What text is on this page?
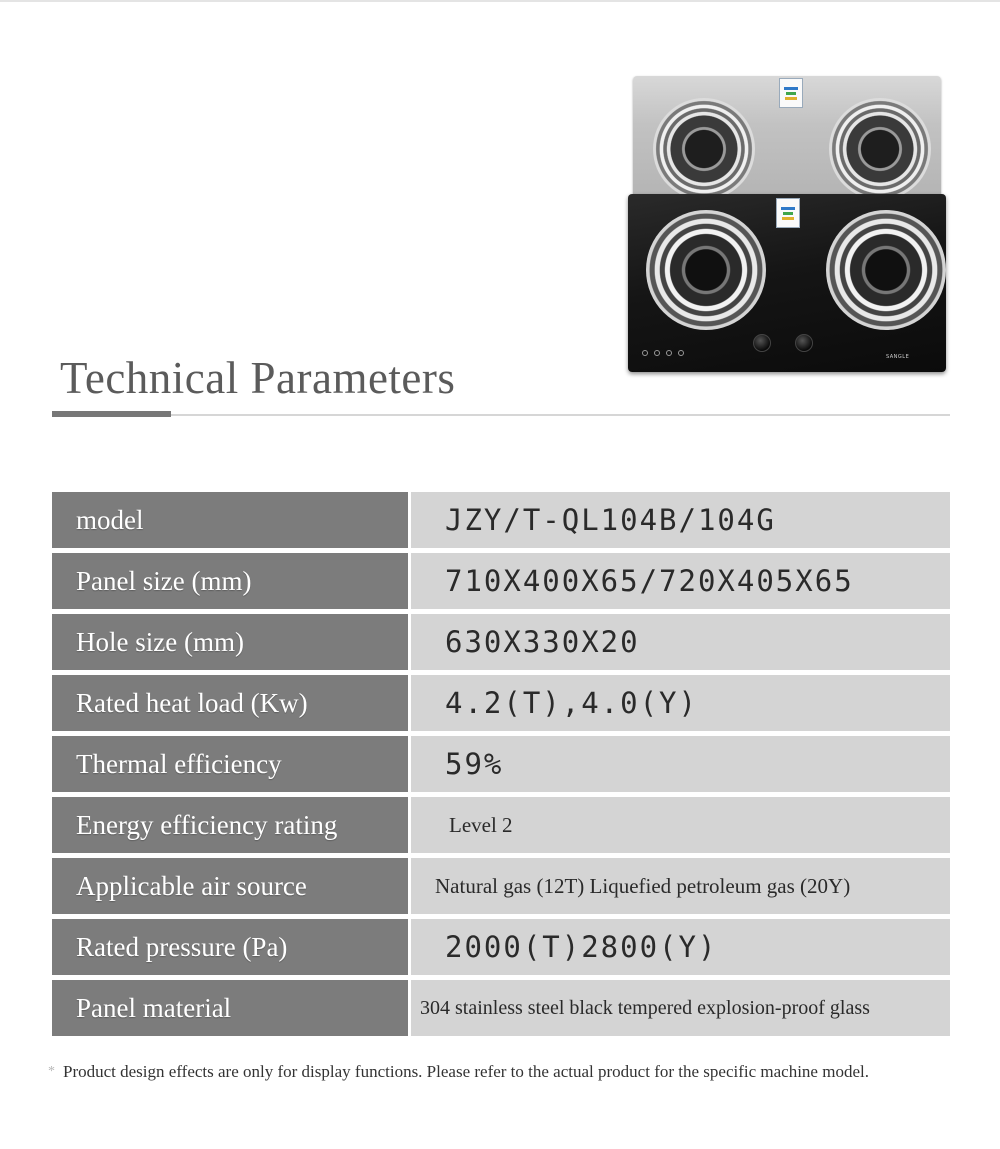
SANGLE
Technical Parameters
model	JZY/T-QL104B/104G
Panel size (mm)	710X400X65/720X405X65
Hole size (mm)	630X330X20
Rated heat load (Kw)	4.2(T),4.0(Y)
Thermal efficiency	59%
Energy efficiency rating	Level 2
Applicable air source	Natural gas (12T) Liquefied petroleum gas (20Y)
Rated pressure (Pa)	2000(T)2800(Y)
Panel material	304 stainless steel black tempered explosion-proof glass
* Product design effects are only for display functions. Please refer to the actual product for the specific machine model.
